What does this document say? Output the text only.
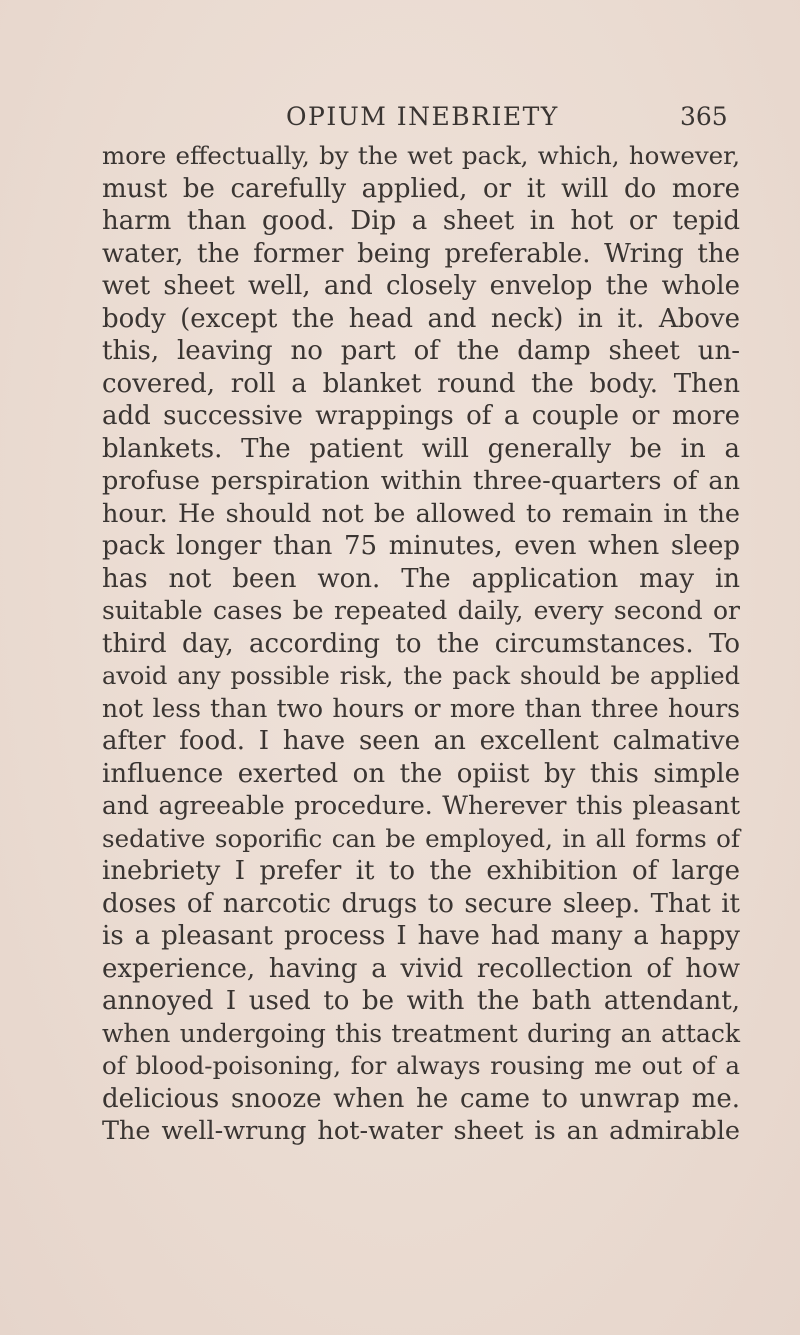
OPIUM INEBRIETY	365
more effectually, by the wet pack, which, however,
must be carefully applied, or it will do more
harm than good. Dip a sheet in hot or tepid
water, the former being preferable. Wring the
wet sheet well, and closely envelop the whole
body (except the head and neck) in it. Above
this, leaving no part of the damp sheet un-
covered, roll a blanket round the body. Then
add successive wrappings of a couple or more
blankets. The patient will generally be in a
profuse perspiration within three-quarters of an
hour. He should not be allowed to remain in the
pack longer than 75 minutes, even when sleep
has not been won. The application may in
suitable cases be repeated daily, every second or
third day, according to the circumstances. To
avoid any possible risk, the pack should be applied
not less than two hours or more than three hours
after food. I have seen an excellent calmative
influence exerted on the opiist by this simple
and agreeable procedure. Wherever this pleasant
sedative soporific can be employed, in all forms of
inebriety I prefer it to the exhibition of large
doses of narcotic drugs to secure sleep. That it
is a pleasant process I have had many a happy
experience, having a vivid recollection of how
annoyed I used to be with the bath attendant,
when undergoing this treatment during an attack
of blood-poisoning, for always rousing me out of a
delicious snooze when he came to unwrap me.
The well-wrung hot-water sheet is an admirable
